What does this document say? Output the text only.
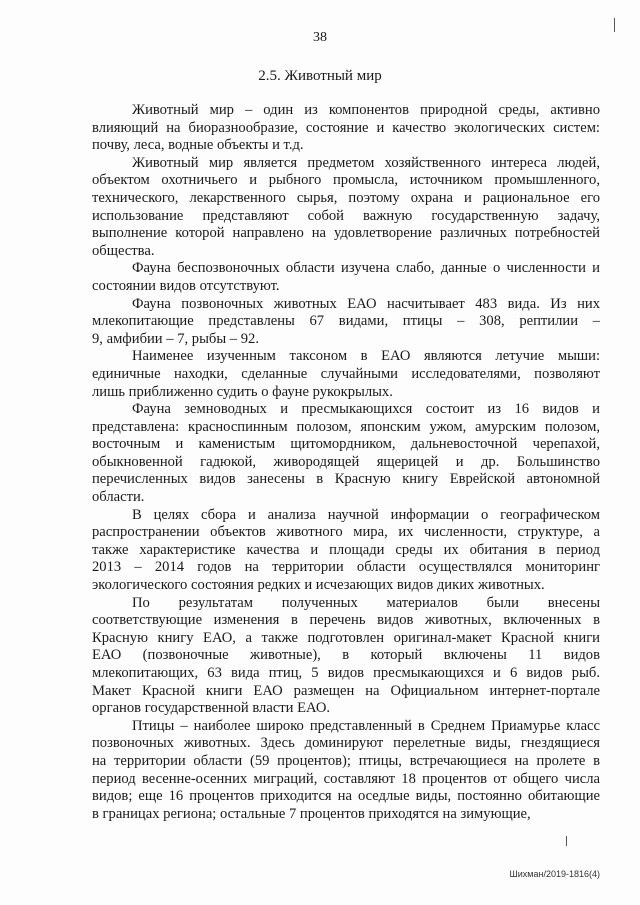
38
2.5. Животный мир
Животный мир – один из компонентов природной среды, активно
влияющий на биоразнообразие, состояние и качество экологических систем:
почву, леса, водные объекты и т.д.
Животный мир является предметом хозяйственного интереса людей,
объектом охотничьего и рыбного промысла, источником промышленного,
технического, лекарственного сырья, поэтому охрана и рациональное его
использование представляют собой важную государственную задачу,
выполнение которой направлено на удовлетворение различных потребностей
общества.
Фауна беспозвоночных области изучена слабо, данные о численности и
состоянии видов отсутствуют.
Фауна позвоночных животных ЕАО насчитывает 483 вида. Из них
млекопитающие представлены 67 видами, птицы – 308, рептилии –
9, амфибии – 7, рыбы – 92.
Наименее изученным таксоном в ЕАО являются летучие мыши:
единичные находки, сделанные случайными исследователями, позволяют
лишь приближенно судить о фауне рукокрылых.
Фауна земноводных и пресмыкающихся состоит из 16 видов и
представлена: красноспинным полозом, японским ужом, амурским полозом,
восточным и каменистым щитомордником, дальневосточной черепахой,
обыкновенной гадюкой, живородящей ящерицей и др. Большинство
перечисленных видов занесены в Красную книгу Еврейской автономной
области.
В целях сбора и анализа научной информации о географическом
распространении объектов животного мира, их численности, структуре, а
также характеристике качества и площади среды их обитания в период
2013 – 2014 годов на территории области осуществлялся мониторинг
экологического состояния редких и исчезающих видов диких животных.
По результатам полученных материалов были внесены
соответствующие изменения в перечень видов животных, включенных в
Красную книгу ЕАО, а также подготовлен оригинал-макет Красной книги
ЕАО (позвоночные животные), в который включены 11 видов
млекопитающих, 63 вида птиц, 5 видов пресмыкающихся и 6 видов рыб.
Макет Красной книги ЕАО размещен на Официальном интернет-портале
органов государственной власти ЕАО.
Птицы – наиболее широко представленный в Среднем Приамурье класс
позвоночных животных. Здесь доминируют перелетные виды, гнездящиеся
на территории области (59 процентов); птицы, встречающиеся на пролете в
период весенне-осенних миграций, составляют 18 процентов от общего числа
видов; еще 16 процентов приходится на оседлые виды, постоянно обитающие
в границах региона; остальные 7 процентов приходятся на зимующие,
Шихман/2019-1816(4)
